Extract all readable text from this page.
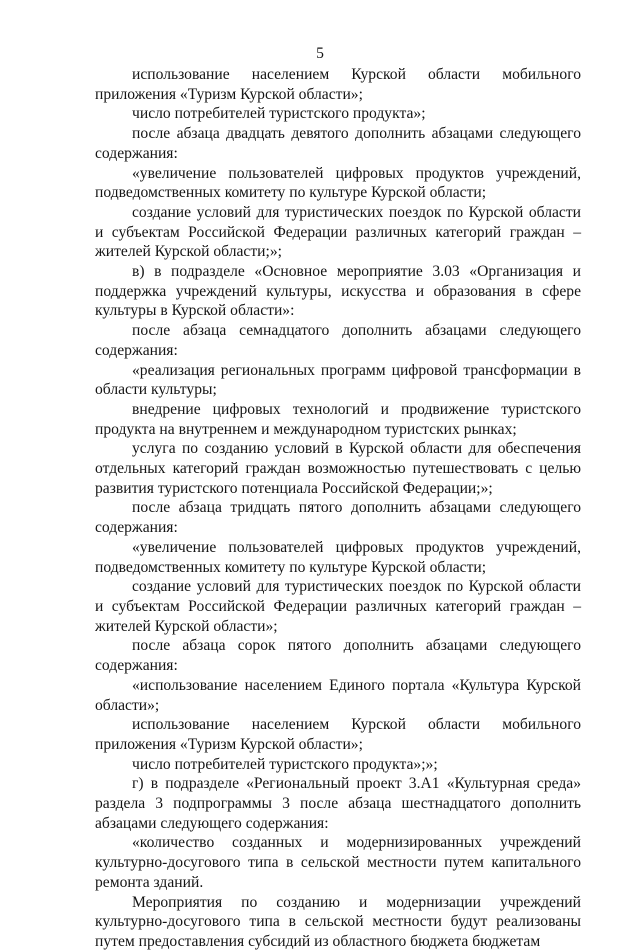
5

использование населением Курской области мобильного приложения «Туризм Курской области»;

число потребителей туристского продукта»;

после абзаца двадцать девятого дополнить абзацами следующего содержания:

«увеличение пользователей цифровых продуктов учреждений, подведомственных комитету по культуре Курской области;

создание условий для туристических поездок по Курской области и субъектам Российской Федерации различных категорий граждан – жителей Курской области;»;

в) в подразделе «Основное мероприятие 3.03 «Организация и поддержка учреждений культуры, искусства и образования в сфере культуры в Курской области»:

после абзаца семнадцатого дополнить абзацами следующего содержания:

«реализация региональных программ цифровой трансформации в области культуры;

внедрение цифровых технологий и продвижение туристского продукта на внутреннем и международном туристских рынках;

услуга по созданию условий в Курской области для обеспечения отдельных категорий граждан возможностью путешествовать с целью развития туристского потенциала Российской Федерации;»;

после абзаца тридцать пятого дополнить абзацами следующего содержания:

«увеличение пользователей цифровых продуктов учреждений, подведомственных комитету по культуре Курской области;

создание условий для туристических поездок по Курской области и субъектам Российской Федерации различных категорий граждан – жителей Курской области»;

после абзаца сорок пятого дополнить абзацами следующего содержания:

«использование населением Единого портала «Культура Курской области»;

использование населением Курской области мобильного приложения «Туризм Курской области»;

число потребителей туристского продукта»;»;

г) в подразделе «Региональный проект 3.А1 «Культурная среда» раздела 3 подпрограммы 3 после абзаца шестнадцатого дополнить абзацами следующего содержания:

«количество созданных и модернизированных учреждений культурно-досугового типа в сельской местности путем капитального ремонта зданий.

Мероприятия по созданию и модернизации учреждений культурно-досугового типа в сельской местности будут реализованы путем предоставления субсидий из областного бюджета бюджетам
